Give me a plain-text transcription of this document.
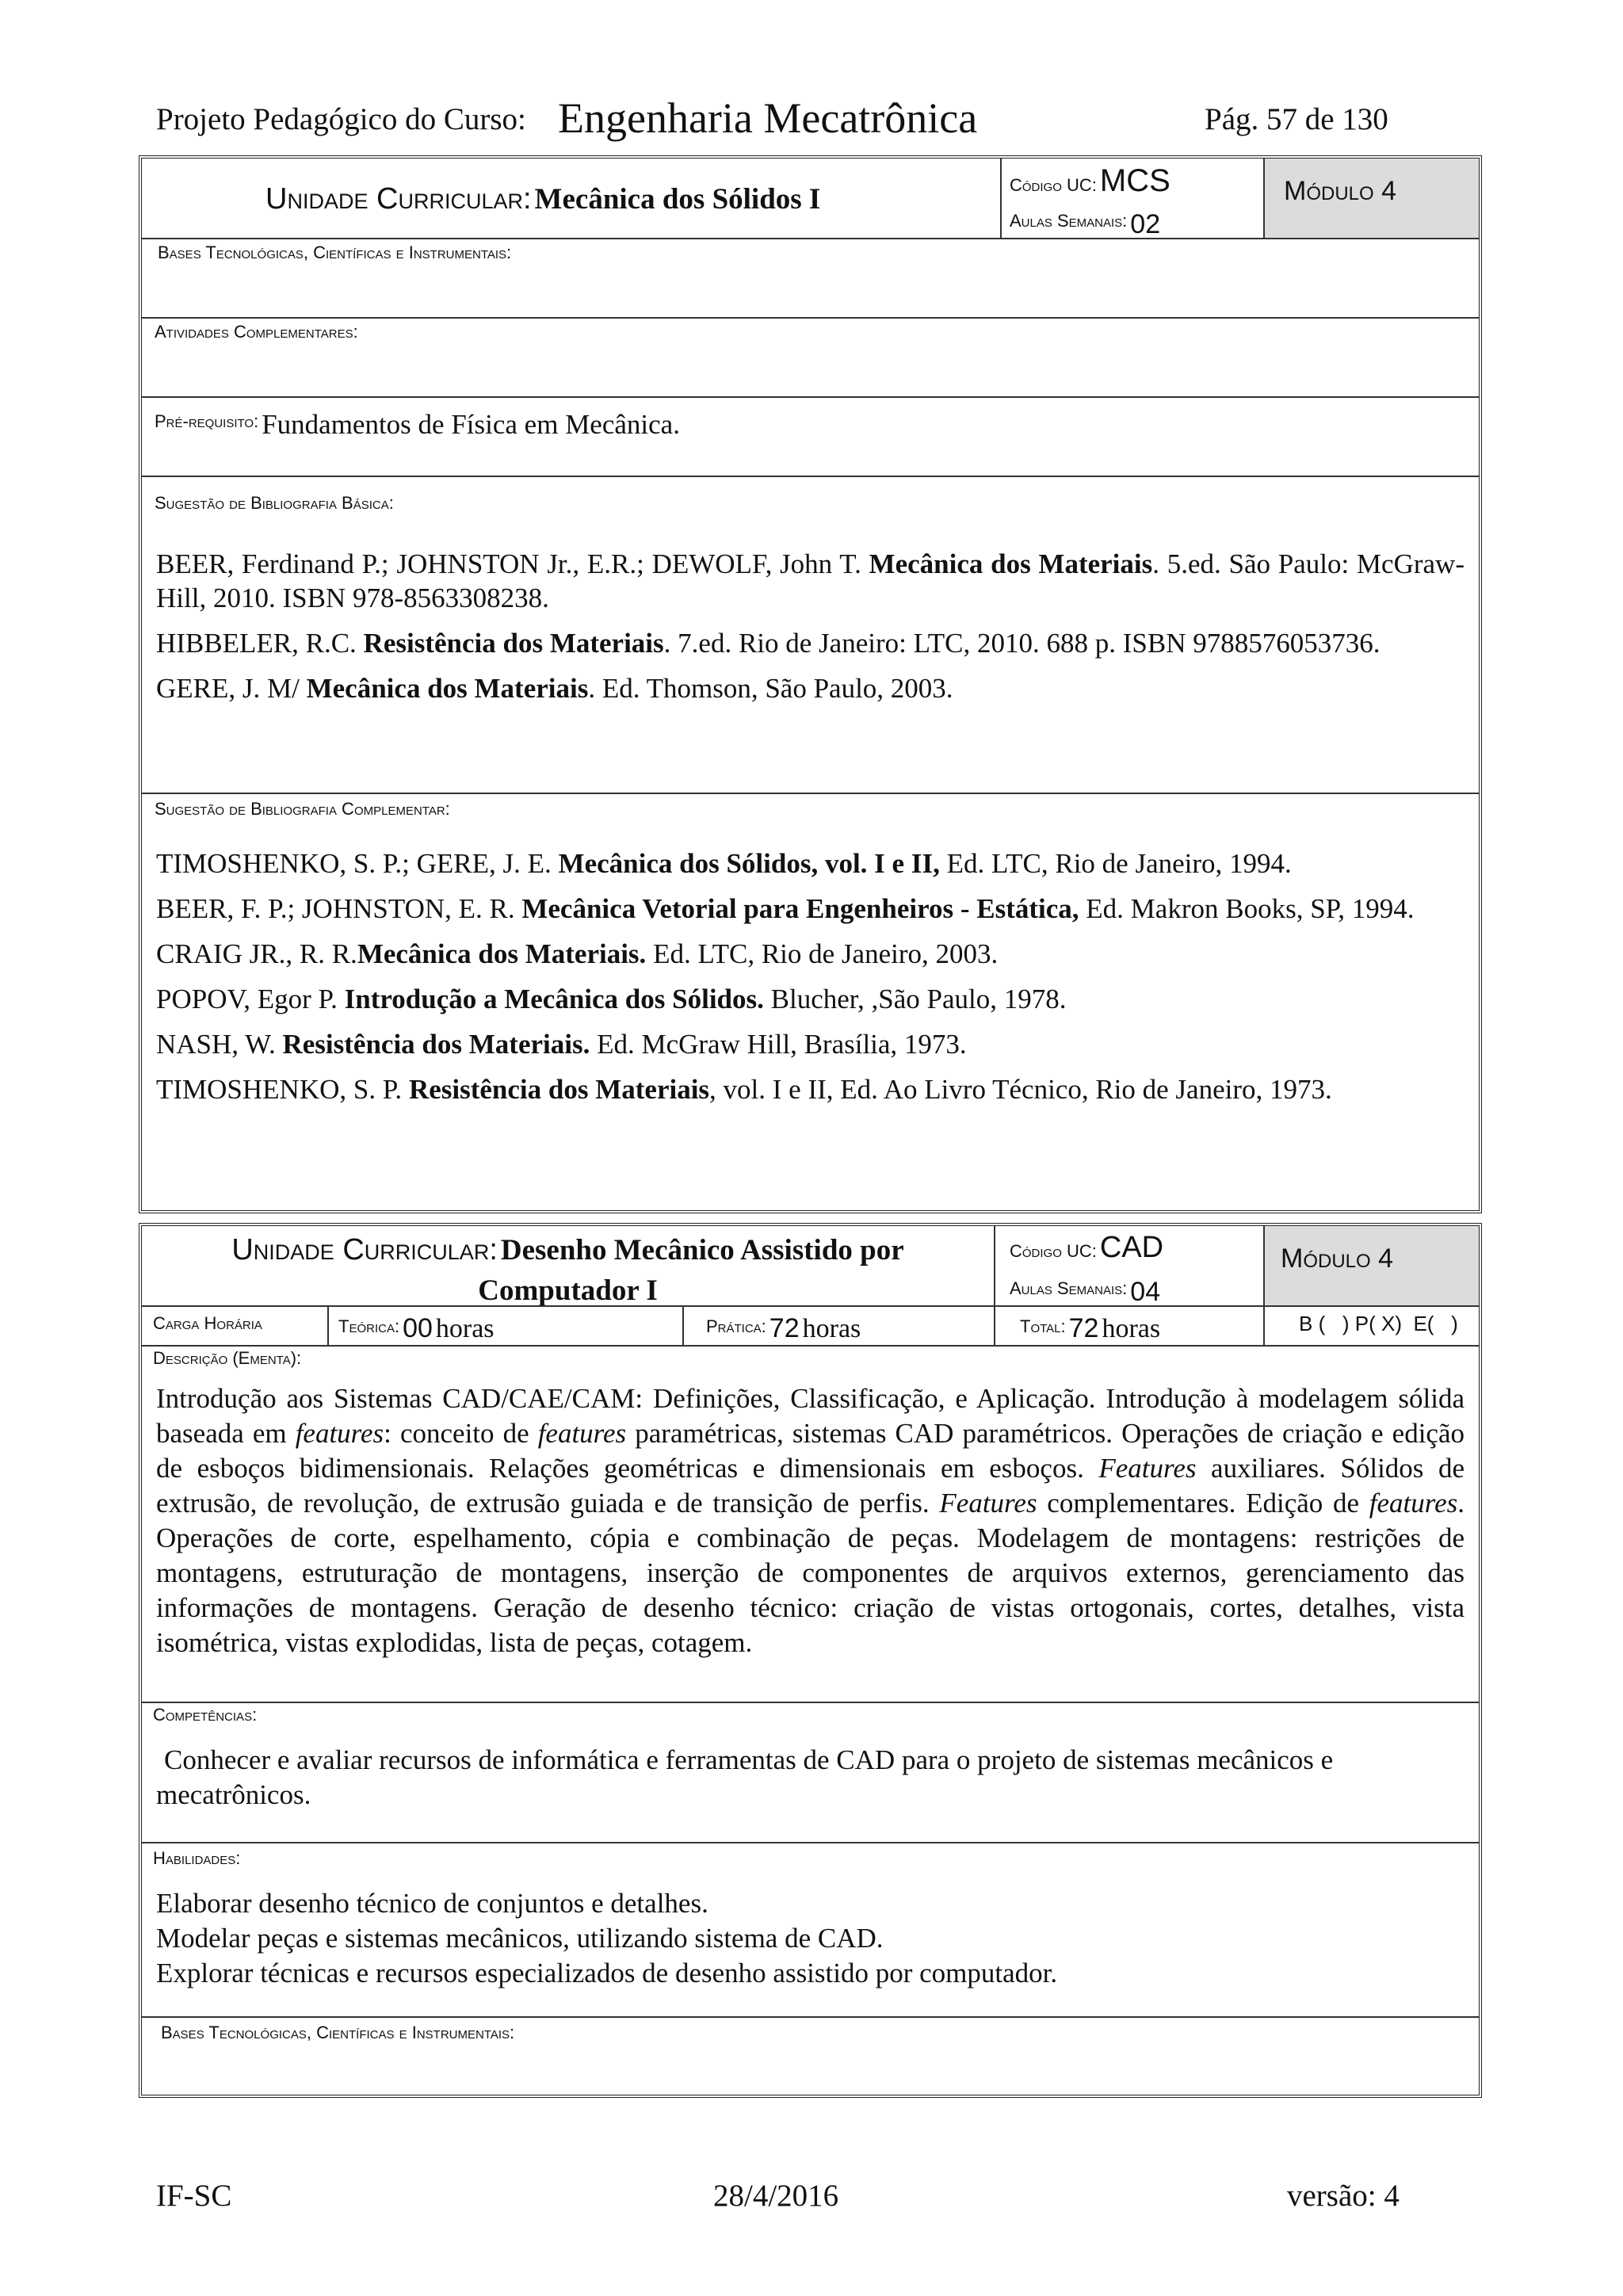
Projeto Pedagógico do Curso: Engenharia Mecatrônica	Pág. 57 de 130
Unidade Curricular: Mecânica dos Sólidos I	Código UC: MCS
Aulas Semanais: 02
Módulo 4
Bases Tecnológicas, Científicas e Instrumentais:
Atividades Complementares:
Pré-requisito: Fundamentos de Física em Mecânica.
Sugestão de Bibliografia Básica:

BEER, Ferdinand P.; JOHNSTON Jr., E.R.; DEWOLF, John T. Mecânica dos Materiais. 5.ed. São Paulo: McGraw-Hill, 2010. ISBN 978-8563308238.

HIBBELER, R.C. Resistência dos Materiais. 7.ed. Rio de Janeiro: LTC, 2010. 688 p. ISBN 9788576053736.

GERE, J. M/ Mecânica dos Materiais. Ed. Thomson, São Paulo, 2003.

Sugestão de Bibliografia Complementar:

TIMOSHENKO, S. P.; GERE, J. E. Mecânica dos Sólidos, vol. I e II, Ed. LTC, Rio de Janeiro, 1994.

BEER, F. P.; JOHNSTON, E. R. Mecânica Vetorial para Engenheiros - Estática, Ed. Makron Books, SP, 1994.

CRAIG JR., R. R.Mecânica dos Materiais. Ed. LTC, Rio de Janeiro, 2003.

POPOV, Egor P. Introdução a Mecânica dos Sólidos. Blucher, ,São Paulo, 1978.

NASH, W. Resistência dos Materiais. Ed. McGraw Hill, Brasília, 1973.

TIMOSHENKO, S. P. Resistência dos Materiais, vol. I e II, Ed. Ao Livro Técnico, Rio de Janeiro, 1973.

Unidade Curricular: Desenho Mecânico Assistido por
Computador I
Código UC: CAD
Aulas Semanais: 04
Módulo 4
Carga Horária	Teórica: 00 horas	Prática: 72 horas	Total: 72 horas	B (   ) P( X)  E(   )
Descrição (Ementa):
Introdução aos Sistemas CAD/CAE/CAM: Definições, Classificação, e Aplicação. Introdução à modelagem sólida baseada em features: conceito de features paramétricas, sistemas CAD paramétricos. Operações de criação e edição de esboços bidimensionais. Relações geométricas e dimensionais em esboços. Features auxiliares. Sólidos de extrusão, de revolução, de extrusão guiada e de transição de perfis. Features complementares. Edição de features. Operações de corte, espelhamento, cópia e combinação de peças. Modelagem de montagens: restrições de montagens, estruturação de montagens, inserção de componentes de arquivos externos, gerenciamento das informações de montagens. Geração de desenho técnico: criação de vistas ortogonais, cortes, detalhes, vista isométrica, vistas explodidas, lista de peças, cotagem.
Competências:
Conhecer e avaliar recursos de informática e ferramentas de CAD para o projeto de sistemas mecânicos e mecatrônicos.
Habilidades:
Elaborar desenho técnico de conjuntos e detalhes.
Modelar peças e sistemas mecânicos, utilizando sistema de CAD.
Explorar técnicas e recursos especializados de desenho assistido por computador.
Bases Tecnológicas, Científicas e Instrumentais:
IF-SC	28/4/2016	versão: 4
